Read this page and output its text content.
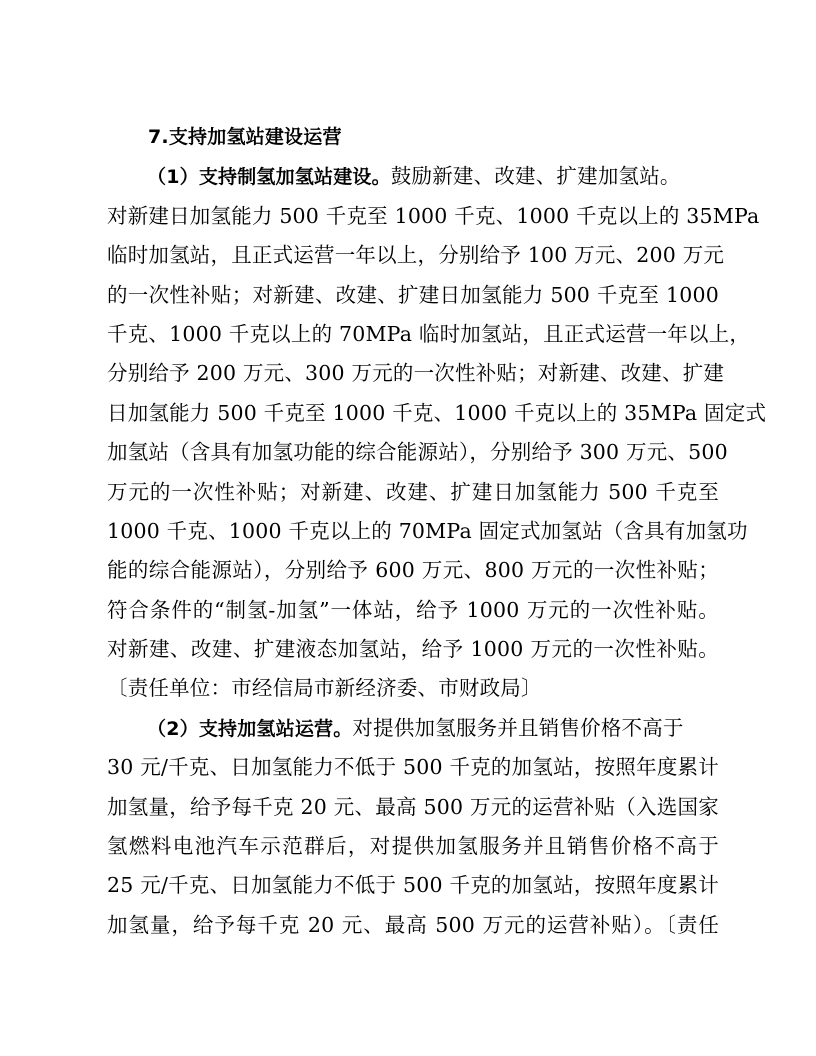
7.支持加氢站建设运营
（1）支持制氢加氢站建设。鼓励新建、改建、扩建加氢站。
对新建日加氢能力 500 千克至 1000 千克、1000 千克以上的 35MPa
临时加氢站，且正式运营一年以上，分别给予 100 万元、200 万元
的一次性补贴；对新建、改建、扩建日加氢能力 500 千克至 1000
千克、1000 千克以上的 70MPa 临时加氢站，且正式运营一年以上，
分别给予 200 万元、300 万元的一次性补贴；对新建、改建、扩建
日加氢能力 500 千克至 1000 千克、1000 千克以上的 35MPa 固定式
加氢站（含具有加氢功能的综合能源站），分别给予 300 万元、500
万元的一次性补贴；对新建、改建、扩建日加氢能力 500 千克至
1000 千克、1000 千克以上的 70MPa 固定式加氢站（含具有加氢功
能的综合能源站），分别给予 600 万元、800 万元的一次性补贴；
符合条件的“制氢-加氢”一体站，给予 1000 万元的一次性补贴。
对新建、改建、扩建液态加氢站，给予 1000 万元的一次性补贴。
〔责任单位：市经信局市新经济委、市财政局〕
（2）支持加氢站运营。对提供加氢服务并且销售价格不高于
30 元/千克、日加氢能力不低于 500 千克的加氢站，按照年度累计
加氢量，给予每千克 20 元、最高 500 万元的运营补贴（入选国家
氢燃料电池汽车示范群后，对提供加氢服务并且销售价格不高于
25 元/千克、日加氢能力不低于 500 千克的加氢站，按照年度累计
加氢量，给予每千克 20 元、最高 500 万元的运营补贴）。〔责任
